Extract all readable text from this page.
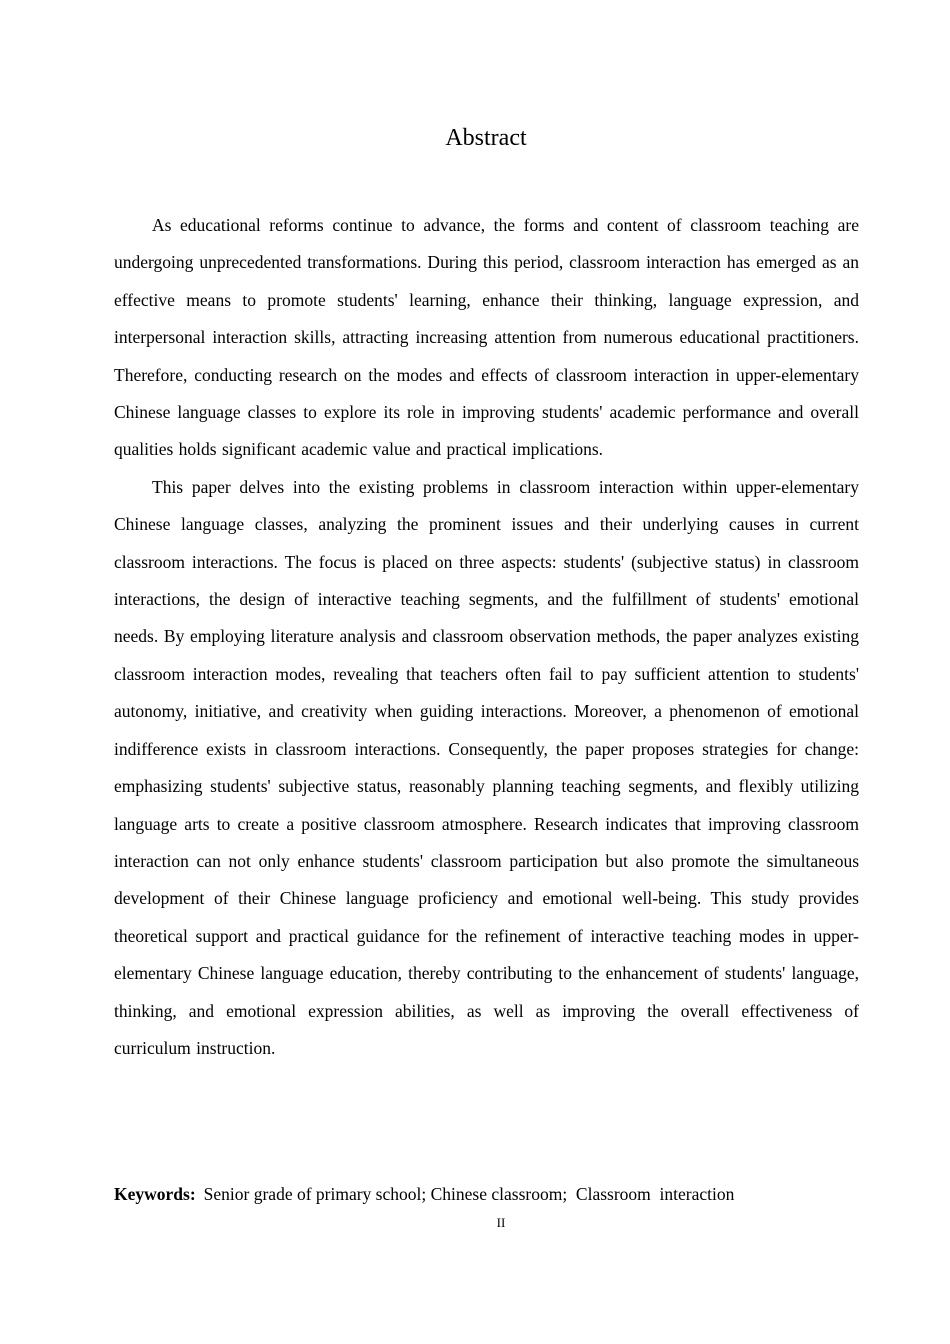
Abstract

As educational reforms continue to advance, the forms and content of classroom teaching are undergoing unprecedented transformations. During this period, classroom interaction has emerged as an effective means to promote students' learning, enhance their thinking, language expression, and interpersonal interaction skills, attracting increasing attention from numerous educational practitioners. Therefore, conducting research on the modes and effects of classroom interaction in upper-elementary Chinese language classes to explore its role in improving students' academic performance and overall qualities holds significant academic value and practical implications.

This paper delves into the existing problems in classroom interaction within upper-elementary Chinese language classes, analyzing the prominent issues and their underlying causes in current classroom interactions. The focus is placed on three aspects: students' (subjective status) in classroom interactions, the design of interactive teaching segments, and the fulfillment of students' emotional needs. By employing literature analysis and classroom observation methods, the paper analyzes existing classroom interaction modes, revealing that teachers often fail to pay sufficient attention to students' autonomy, initiative, and creativity when guiding interactions. Moreover, a phenomenon of emotional indifference exists in classroom interactions. Consequently, the paper proposes strategies for change: emphasizing students' subjective status, reasonably planning teaching segments, and flexibly utilizing language arts to create a positive classroom atmosphere. Research indicates that improving classroom interaction can not only enhance students' classroom participation but also promote the simultaneous development of their Chinese language proficiency and emotional well-being. This study provides theoretical support and practical guidance for the refinement of interactive teaching modes in upper-elementary Chinese language education, thereby contributing to the enhancement of students' language, thinking, and emotional expression abilities, as well as improving the overall effectiveness of curriculum instruction.

Keywords: Senior grade of primary school; Chinese classroom;  Classroom  interaction
II
